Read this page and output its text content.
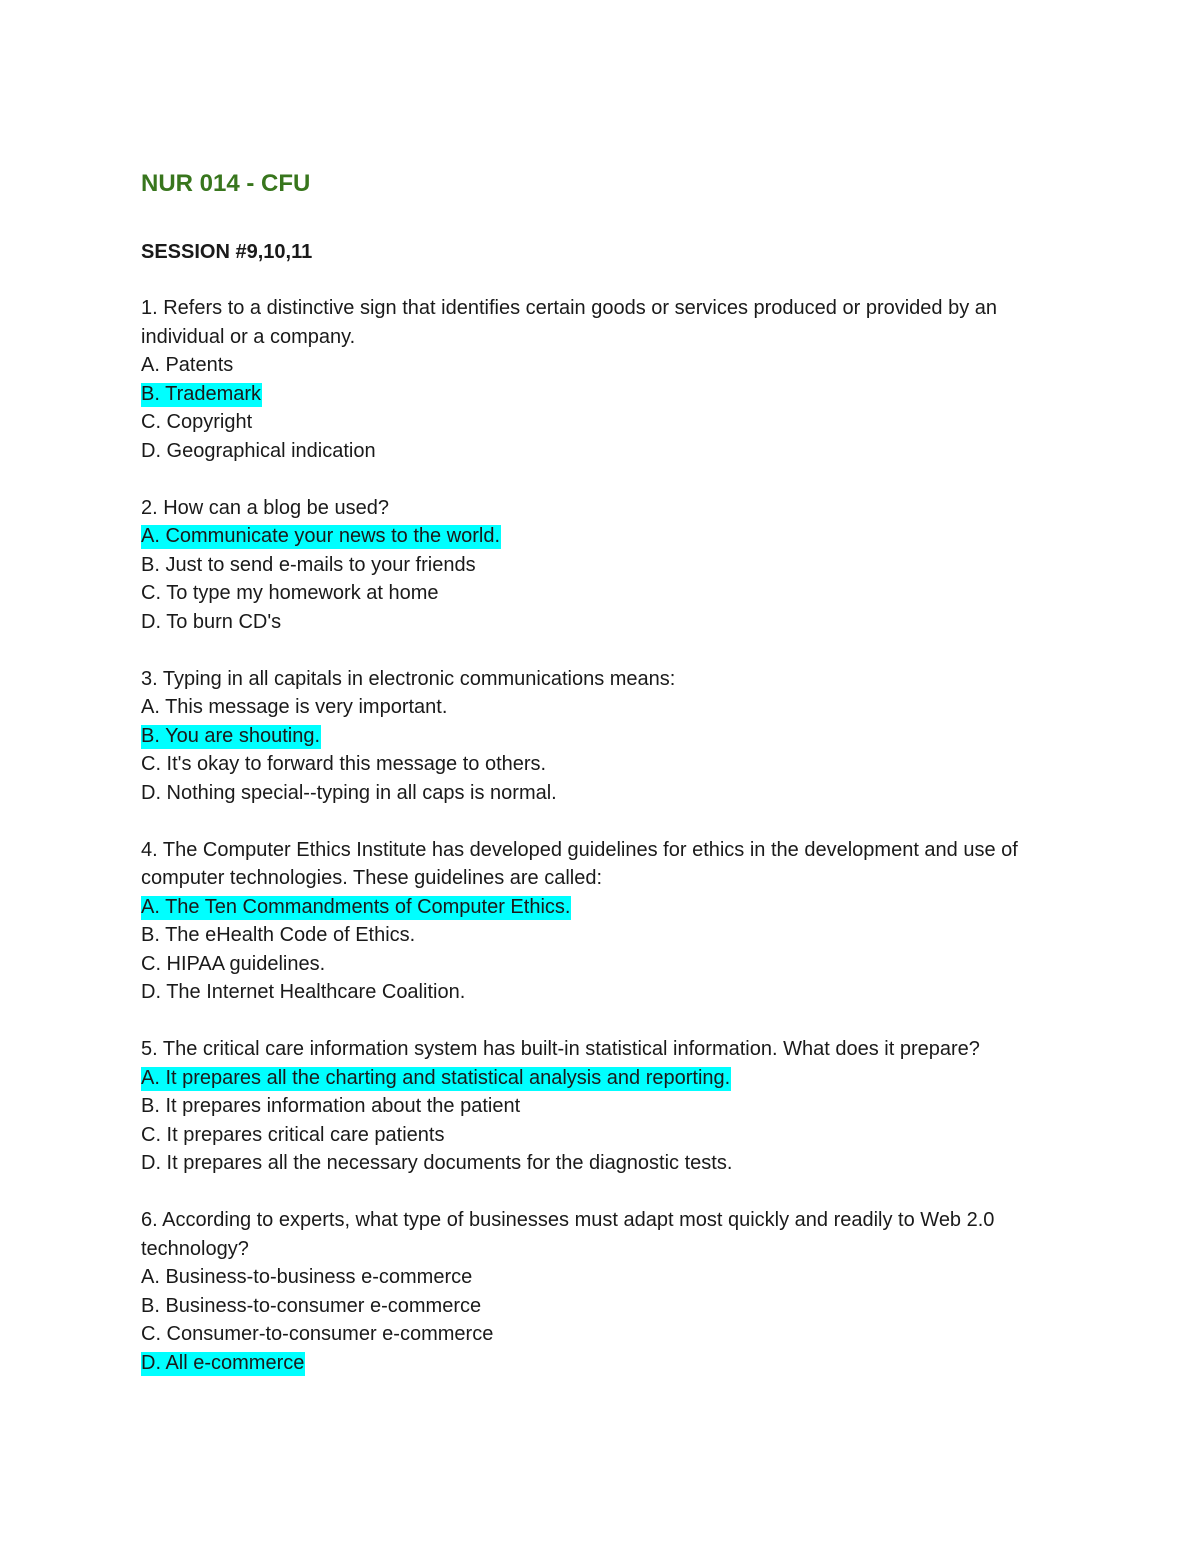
NUR 014 - CFU
SESSION #9,10,11

1. Refers to a distinctive sign that identifies certain goods or services produced or provided by an individual or a company.

A. Patents
B. Trademark
C. Copyright
D. Geographical indication

2. How can a blog be used?

A. Communicate your news to the world.
B. Just to send e-mails to your friends
C. To type my homework at home
D. To burn CD's

3. Typing in all capitals in electronic communications means:

A. This message is very important.
B. You are shouting.
C. It's okay to forward this message to others.
D. Nothing special--typing in all caps is normal.

4. The Computer Ethics Institute has developed guidelines for ethics in the development and use of computer technologies. These guidelines are called:

A. The Ten Commandments of Computer Ethics.
B. The eHealth Code of Ethics.
C. HIPAA guidelines.
D. The Internet Healthcare Coalition.

5. The critical care information system has built-in statistical information. What does it prepare?

A. It prepares all the charting and statistical analysis and reporting.
B. It prepares information about the patient
C. It prepares critical care patients
D. It prepares all the necessary documents for the diagnostic tests.

6. According to experts, what type of businesses must adapt most quickly and readily to Web 2.0 technology?

A. Business-to-business e-commerce
B. Business-to-consumer e-commerce
C. Consumer-to-consumer e-commerce
D. All e-commerce
